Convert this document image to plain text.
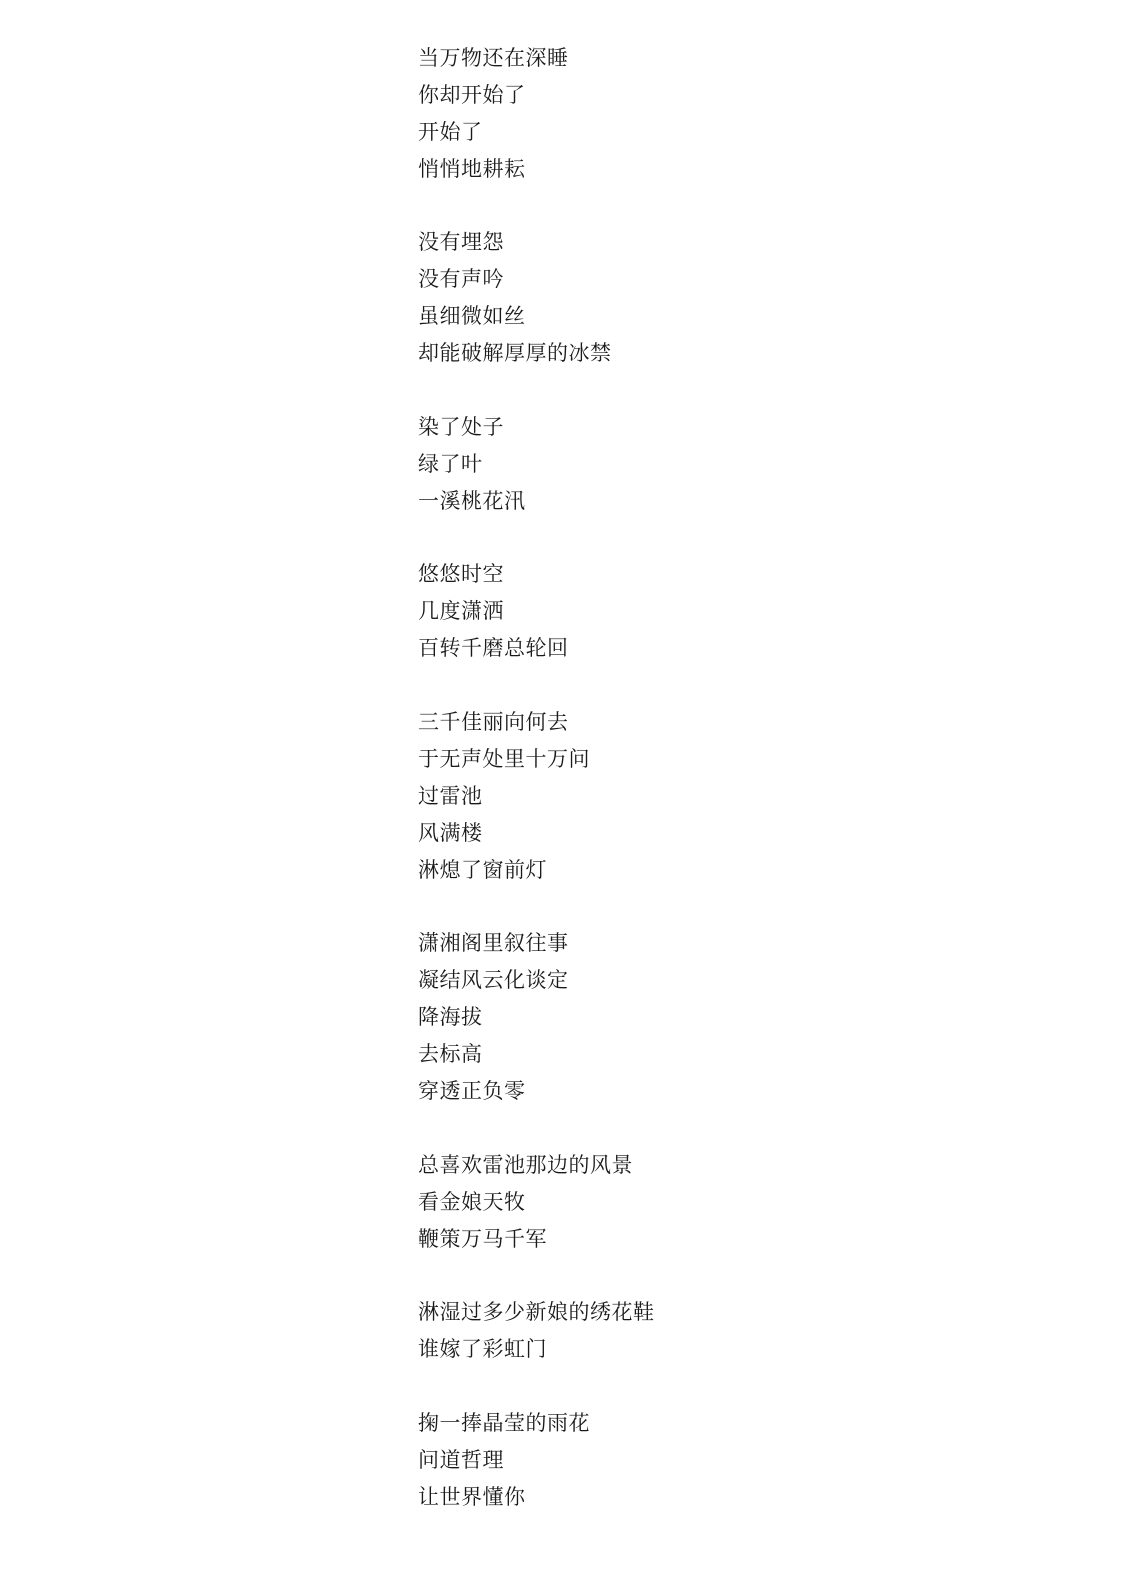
当万物还在深睡
你却开始了
开始了
悄悄地耕耘
没有埋怨
没有声吟
虽细微如丝
却能破解厚厚的冰禁
染了处子
绿了叶
一溪桃花汛
悠悠时空
几度潇洒
百转千磨总轮回
三千佳丽向何去
于无声处里十万问
过雷池
风满楼
淋熄了窗前灯
潇湘阁里叙往事
凝结风云化谈定
降海拔
去标高
穿透正负零
总喜欢雷池那边的风景
看金娘天牧
鞭策万马千军
淋湿过多少新娘的绣花鞋
谁嫁了彩虹门
掬一捧晶莹的雨花
问道哲理
让世界懂你
